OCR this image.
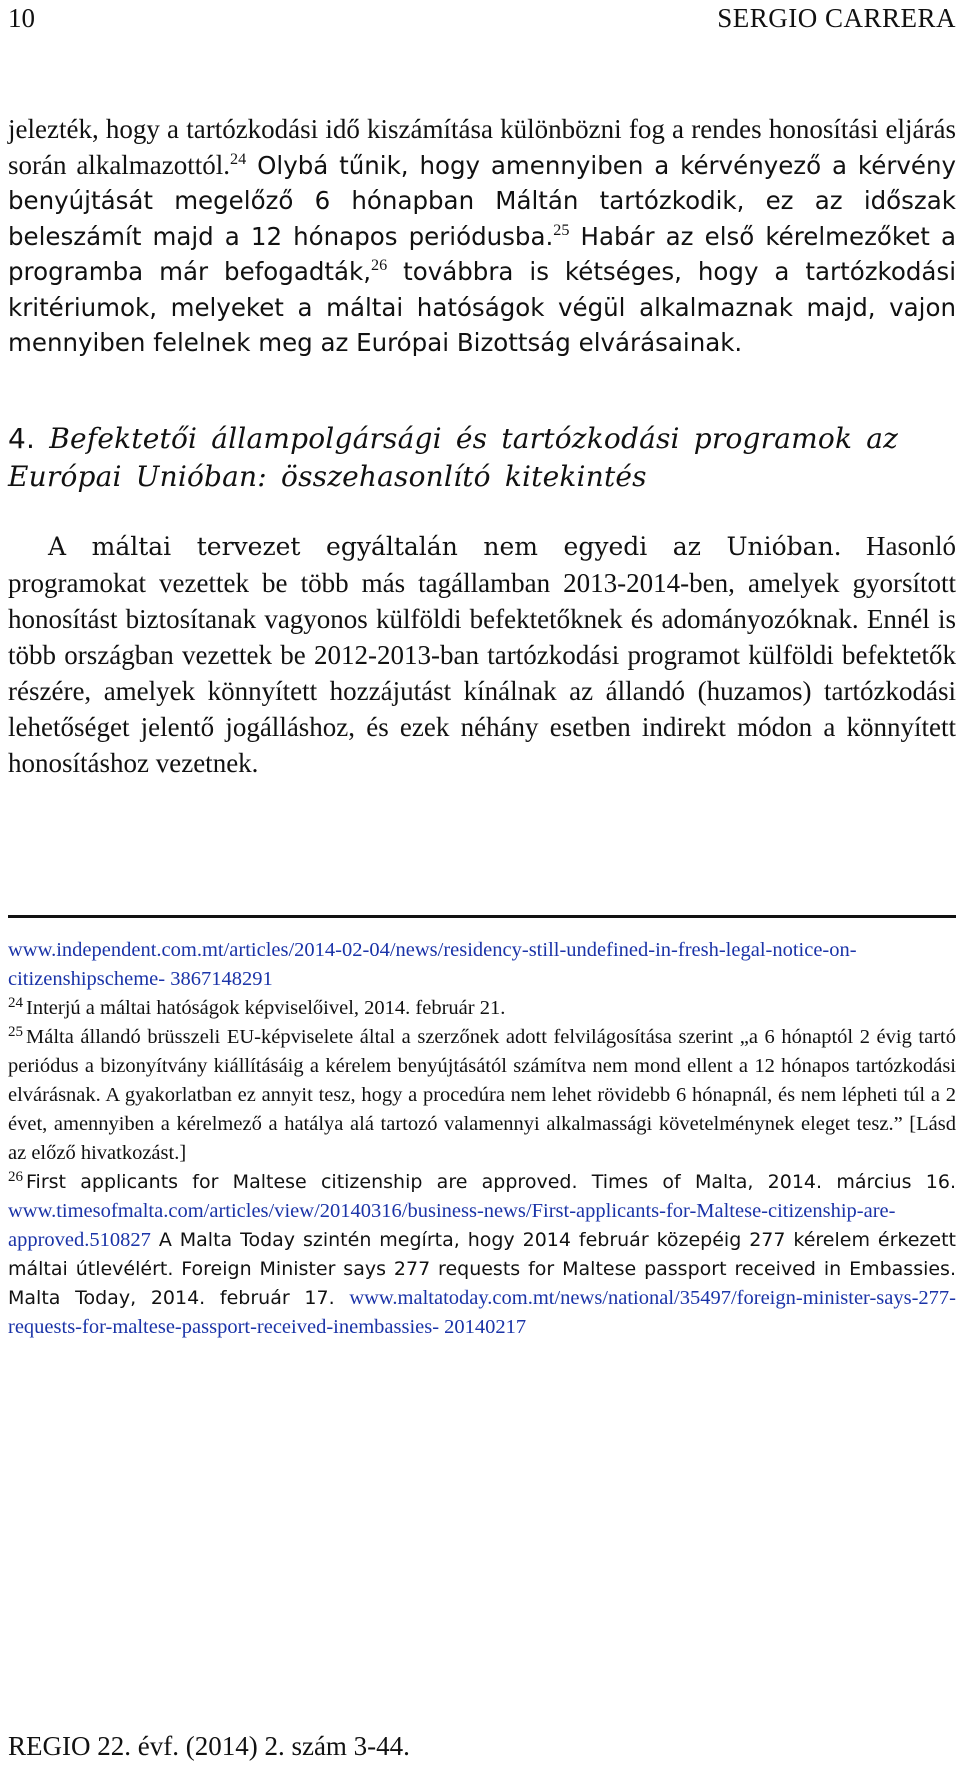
10	SERGIO CARRERA

jelezték, hogy a tartózkodási idő kiszámítása különbözni fog a rendes honosítási eljárás során alkalmazottól.$^{24}$ Olybá tűnik, hogy amennyiben a kérvényező a kérvény benyújtását megelőző 6 hónapban Máltán tartózkodik, ez az időszak beleszámít majd a 12 hónapos periódusba.$^{25}$ Habár az első kérelmezőket a programba már befogadták,$^{26}$ továbbra is kétséges, hogy a tartózkodási kritériumok, melyeket a máltai hatóságok végül alkalmaznak majd, vajon mennyiben felelnek meg az Európai Bizottság elvárásainak.

4. Befektetői állampolgársági és tartózkodási programok az Európai Unióban: összehasonlító kitekintés

A máltai tervezet egyáltalán nem egyedi az Unióban. Hasonló programokat vezettek be több más tagállamban 2013-2014-ben, amelyek gyorsított honosítást biztosítanak vagyonos külföldi befektetőknek és adományozóknak. Ennél is több országban vezettek be 2012-2013-ban tartózkodási programot külföldi befektetők részére, amelyek könnyített hozzájutást kínálnak az állandó (huzamos) tartózkodási lehetőséget jelentő jogálláshoz, és ezek néhány esetben indirekt módon a könnyített honosításhoz vezetnek.

www.independent.com.mt/articles/2014-02-04/news/residency-still-undefined-in-fresh-legal-notice-on-citizenshipscheme- 3867148291

$^{24}$ Interjú a máltai hatóságok képviselőivel, 2014. február 21.

$^{25}$ Málta állandó brüsszeli EU-képviselete által a szerzőnek adott felvilágosítása szerint „a 6 hónaptól 2 évig tartó periódus a bizonyítvány kiállításáig a kérelem benyújtásától számítva nem mond ellent a 12 hónapos tartózkodási elvárásnak. A gyakorlatban ez annyit tesz, hogy a procedúra nem lehet rövidebb 6 hónapnál, és nem lépheti túl a 2 évet, amennyiben a kérelmező a hatálya alá tartozó valamennyi alkalmassági követelménynek eleget tesz.” [Lásd az előző hivatkozást.]

$^{26}$ First applicants for Maltese citizenship are approved. Times of Malta, 2014. március 16. www.timesofmalta.com/articles/view/20140316/business-news/First-applicants-for-Maltese-citizenship-are-approved.510827 A Malta Today szintén megírta, hogy 2014 február közepéig 277 kérelem érkezett máltai útlevélért. Foreign Minister says 277 requests for Maltese passport received in Embassies. Malta Today, 2014. február 17. www.maltatoday.com.mt/news/national/35497/foreign-minister-says-277-requests-for-maltese-passport-received-inembassies- 20140217

REGIO 22. évf. (2014) 2. szám 3-44.
